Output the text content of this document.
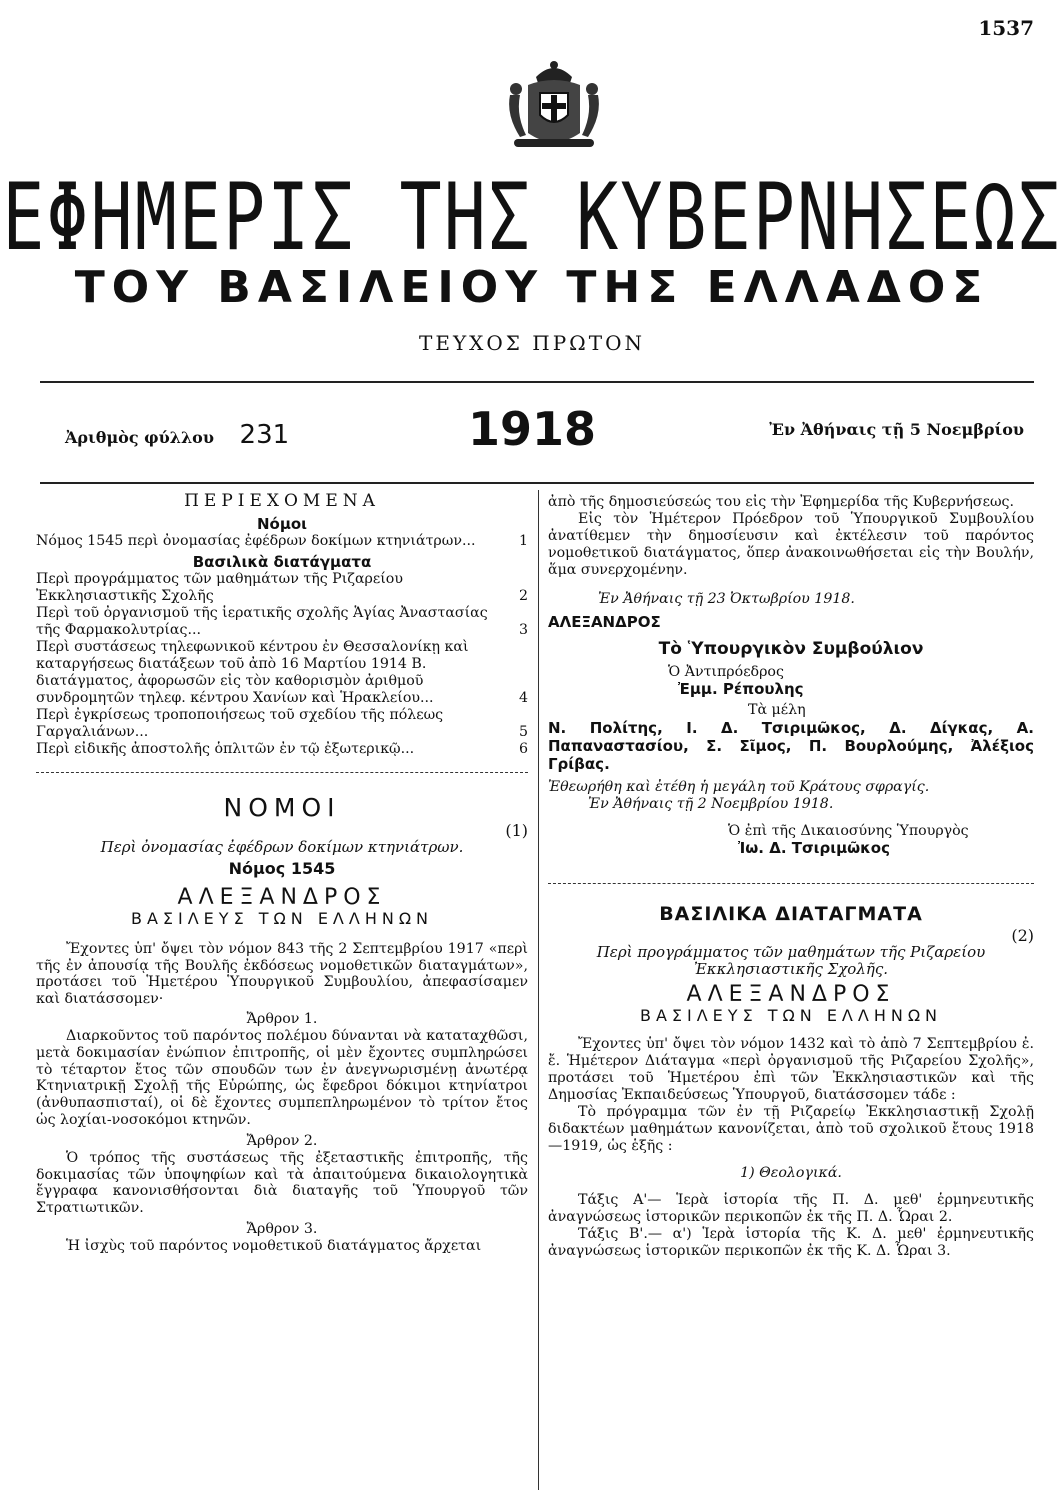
1537
ΕΦΗΜΕΡΙΣ ΤΗΣ ΚΥΒΕΡΝΗΣΕΩΣ
ΤΟΥ ΒΑΣΙΛΕΙΟΥ ΤΗΣ ΕΛΛΑΔΟΣ
ΤΕΥΧΟΣ ΠΡΩΤΟΝ
Ἀριθμὸς φύλλου 231	1918	Ἐν Ἀθήναις τῇ 5 Νοεμβρίου
ΠΕΡΙΕΧΟΜΕΝΑ
Νόμοι
Νόμος 1545 περὶ ὀνομασίας ἐφέδρων δοκίμων κτηνιάτρων...	1
Βασιλικὰ διατάγματα
Περὶ προγράμματος τῶν μαθημάτων τῆς Ριζαρείου Ἐκκλησιαστικῆς Σχολῆς	2
Περὶ τοῦ ὀργανισμοῦ τῆς ἱερατικῆς σχολῆς Ἁγίας Ἀναστασίας τῆς Φαρμακολυτρίας...	3
Περὶ συστάσεως τηλεφωνικοῦ κέντρου ἐν Θεσσαλονίκῃ καὶ καταργήσεως διατάξεων τοῦ ἀπὸ 16 Μαρτίου 1914 Β. διατάγματος, ἀφορωσῶν εἰς τὸν καθορισμὸν ἀριθμοῦ συνδρομητῶν τηλεφ. κέντρου Χανίων καὶ Ἡρακλείου...	4
Περὶ ἐγκρίσεως τροποποιήσεως τοῦ σχεδίου τῆς πόλεως Γαργαλιάνων...	5
Περὶ εἰδικῆς ἀποστολῆς ὁπλιτῶν ἐν τῷ ἐξωτερικῷ...	6
ΝΟΜΟΙ
(1)
Περὶ ὀνομασίας ἐφέδρων δοκίμων κτηνιάτρων.
Νόμος 1545
ΑΛΕΞΑΝΔΡΟΣ
ΒΑΣΙΛΕΥΣ ΤΩΝ ΕΛΛΗΝΩΝ

Ἔχοντες ὑπ' ὄψει τὸν νόμον 843 τῆς 2 Σεπτεμβρίου 1917 «περὶ τῆς ἐν ἀπουσίᾳ τῆς Βουλῆς ἐκδόσεως νομοθετικῶν διαταγμάτων», προτάσει τοῦ Ἡμετέρου Ὑπουργικοῦ Συμβουλίου, ἀπεφασίσαμεν καὶ διατάσσομεν·

Ἄρθρον 1.

Διαρκοῦντος τοῦ παρόντος πολέμου δύνανται νὰ καταταχθῶσι, μετὰ δοκιμασίαν ἐνώπιον ἐπιτροπῆς, οἱ μὲν ἔχοντες συμπληρώσει τὸ τέταρτον ἔτος τῶν σπουδῶν των ἐν ἀνεγνωρισμένῃ ἀνωτέρᾳ Κτηνιατρικῇ Σχολῇ τῆς Εὐρώπης, ὡς ἔφεδροι δόκιμοι κτηνίατροι (ἀνθυπασπισταί), οἱ δὲ ἔχοντες συμπεπληρωμένον τὸ τρίτον ἔτος ὡς λοχίαι-νοσοκόμοι κτηνῶν.

Ἄρθρον 2.

Ὁ τρόπος τῆς συστάσεως τῆς ἐξεταστικῆς ἐπιτροπῆς, τῆς δοκιμασίας τῶν ὑποψηφίων καὶ τὰ ἀπαιτούμενα δικαιολογητικὰ ἔγγραφα κανονισθήσονται διὰ διαταγῆς τοῦ Ὑπουργοῦ τῶν Στρατιωτικῶν.

Ἄρθρον 3.

Ἡ ἰσχὺς τοῦ παρόντος νομοθετικοῦ διατάγματος ἄρχεται

ἀπὸ τῆς δημοσιεύσεώς του εἰς τὴν Ἐφημερίδα τῆς Κυβερνήσεως.

Εἰς τὸν Ἡμέτερον Πρόεδρον τοῦ Ὑπουργικοῦ Συμβουλίου ἀνατίθεμεν τὴν δημοσίευσιν καὶ ἐκτέλεσιν τοῦ παρόντος νομοθετικοῦ διατάγματος, ὅπερ ἀνακοινωθήσεται εἰς τὴν Βουλήν, ἅμα συνερχομένην.

Ἐν Ἀθήναις τῇ 23 Ὀκτωβρίου 1918.
ΑΛΕΞΑΝΔΡΟΣ
Τὸ Ὑπουργικὸν Συμβούλιον
Ὁ Ἀντιπρόεδρος
Ἐμμ. Ρέπουλης
Τὰ μέλη

Ν. Πολίτης, Ι. Δ. Τσιριμῶκος, Δ. Δίγκας, Α. Παπαναστασίου, Σ. Σῖμος, Π. Βουρλούμης, Ἀλέξιος Γρίβας.

Ἐθεωρήθη καὶ ἐτέθη ἡ μεγάλη τοῦ Κράτους σφραγίς.
Ἐν Ἀθήναις τῇ 2 Νοεμβρίου 1918.
Ὁ ἐπὶ τῆς Δικαιοσύνης Ὑπουργὸς
Ἰω. Δ. Τσιριμῶκος
ΒΑΣΙΛΙΚΑ ΔΙΑΤΑΓΜΑΤΑ
(2)
Περὶ προγράμματος τῶν μαθημάτων τῆς Ριζαρείου Ἐκκλησιαστικῆς Σχολῆς.
ΑΛΕΞΑΝΔΡΟΣ
ΒΑΣΙΛΕΥΣ ΤΩΝ ΕΛΛΗΝΩΝ

Ἔχοντες ὑπ' ὄψει τὸν νόμον 1432 καὶ τὸ ἀπὸ 7 Σεπτεμβρίου ἐ. ἔ. Ἡμέτερον Διάταγμα «περὶ ὀργανισμοῦ τῆς Ριζαρείου Σχολῆς», προτάσει τοῦ Ἡμετέρου ἐπὶ τῶν Ἐκκλησιαστικῶν καὶ τῆς Δημοσίας Ἐκπαιδεύσεως Ὑπουργοῦ, διατάσσομεν τάδε :

Τὸ πρόγραμμα τῶν ἐν τῇ Ριζαρείῳ Ἐκκλησιαστικῇ Σχολῇ διδακτέων μαθημάτων κανονίζεται, ἀπὸ τοῦ σχολικοῦ ἔτους 1918—1919, ὡς ἑξῆς :

1) Θεολογικά.

Τάξις Α'— Ἱερὰ ἱστορία τῆς Π. Δ. μεθ' ἑρμηνευτικῆς ἀναγνώσεως ἱστορικῶν περικοπῶν ἐκ τῆς Π. Δ. Ὧραι 2.

Τάξις Β'.— α') Ἱερὰ ἱστορία τῆς Κ. Δ. μεθ' ἑρμηνευτικῆς ἀναγνώσεως ἱστορικῶν περικοπῶν ἐκ τῆς Κ. Δ. Ὧραι 3.
